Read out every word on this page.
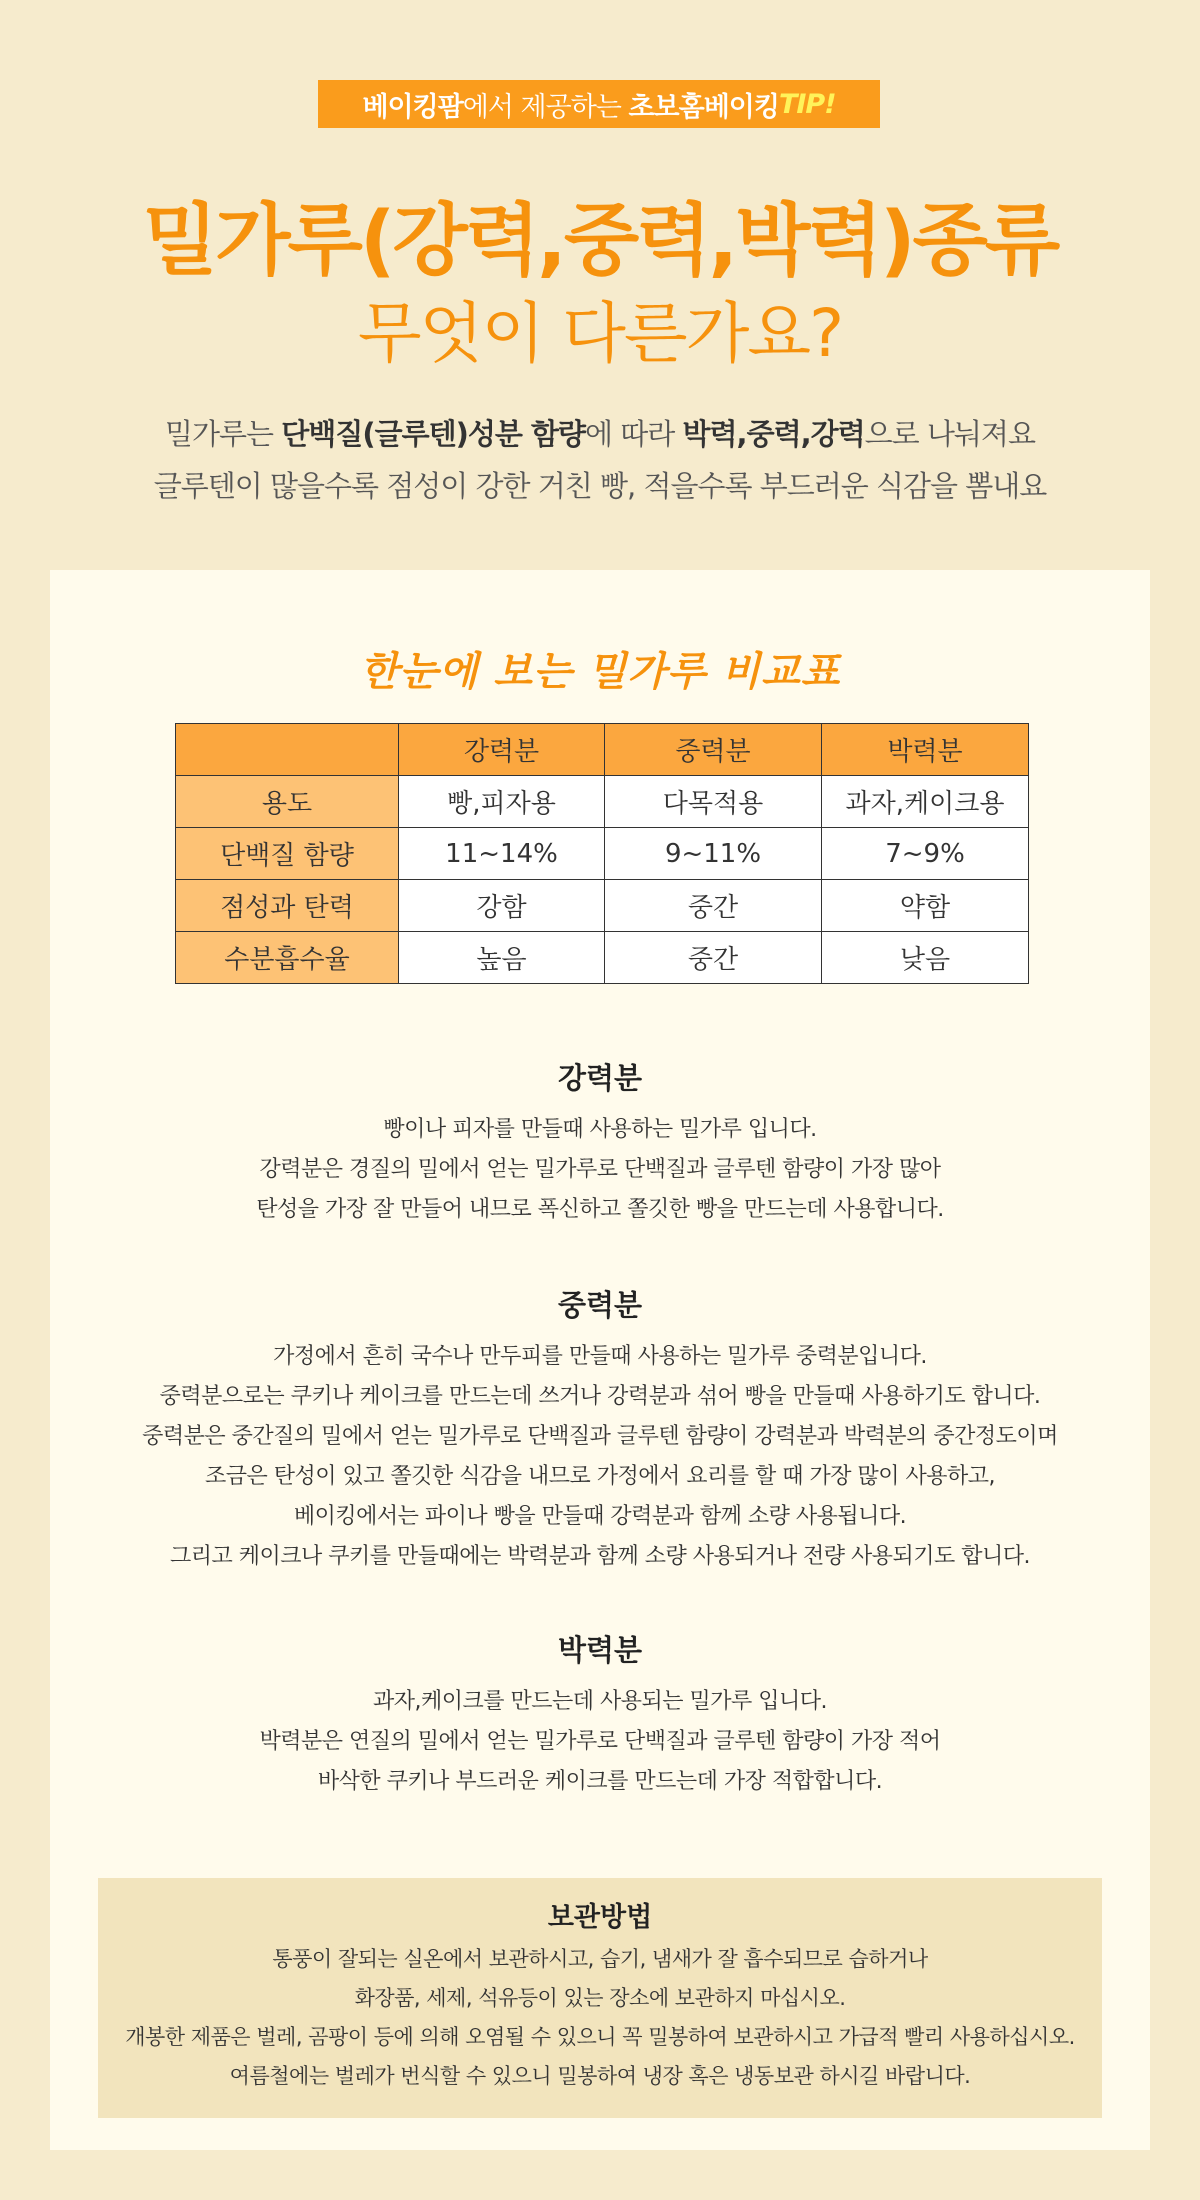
베이킹팜 에서 제공하는 초보홈베이킹 TIP!
밀가루(강력,중력,박력)종류
무엇이 다른가요?
밀가루는 단백질(글루텐)성분 함량에 따라 박력,중력,강력으로 나눠져요
글루텐이 많을수록 점성이 강한 거친 빵, 적을수록 부드러운 식감을 뽐내요
한눈에 보는 밀가루 비교표
	강력분	중력분	박력분
용도	빵,피자용	다목적용	과자,케이크용
단백질 함량	11~14%	9~11%	7~9%
점성과 탄력	강함	중간	약함
수분흡수율	높음	중간	낮음
강력분
빵이나 피자를 만들때 사용하는 밀가루 입니다.
강력분은 경질의 밀에서 얻는 밀가루로 단백질과 글루텐 함량이 가장 많아
탄성을 가장 잘 만들어 내므로 폭신하고 쫄깃한 빵을 만드는데 사용합니다.
중력분
가정에서 흔히 국수나 만두피를 만들때 사용하는 밀가루 중력분입니다.
중력분으로는 쿠키나 케이크를 만드는데 쓰거나 강력분과 섞어 빵을 만들때 사용하기도 합니다.
중력분은 중간질의 밀에서 얻는 밀가루로 단백질과 글루텐 함량이 강력분과 박력분의 중간정도이며
조금은 탄성이 있고 쫄깃한 식감을 내므로 가정에서 요리를 할 때 가장 많이 사용하고,
베이킹에서는 파이나 빵을 만들때 강력분과 함께 소량 사용됩니다.
그리고 케이크나 쿠키를 만들때에는 박력분과 함께 소량 사용되거나 전량 사용되기도 합니다.
박력분
과자,케이크를 만드는데 사용되는 밀가루 입니다.
박력분은 연질의 밀에서 얻는 밀가루로 단백질과 글루텐 함량이 가장 적어
바삭한 쿠키나 부드러운 케이크를 만드는데 가장 적합합니다.
보관방법
통풍이 잘되는 실온에서 보관하시고, 습기, 냄새가 잘 흡수되므로 습하거나
화장품, 세제, 석유등이 있는 장소에 보관하지 마십시오.
개봉한 제품은 벌레, 곰팡이 등에 의해 오염될 수 있으니 꼭 밀봉하여 보관하시고 가급적 빨리 사용하십시오.
여름철에는 벌레가 번식할 수 있으니 밀봉하여 냉장 혹은 냉동보관 하시길 바랍니다.
